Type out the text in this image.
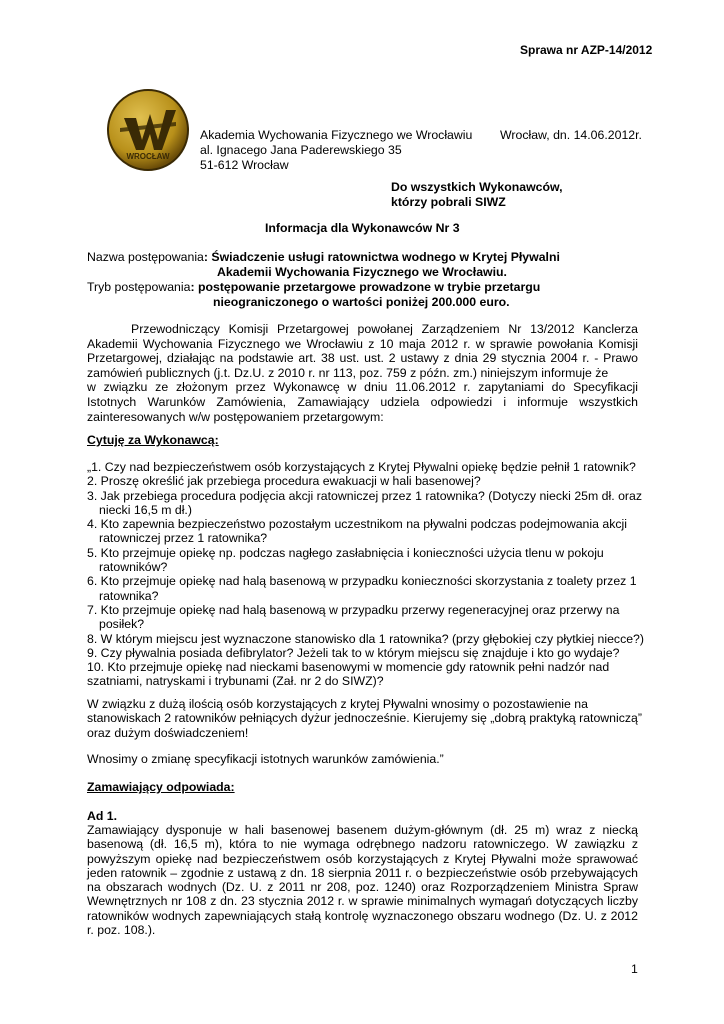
Sprawa nr AZP-14/2012
WROCŁAW
Akademia Wychowania Fizycznego we Wrocławiu
al. Ignacego Jana Paderewskiego 35
51-612 Wrocław
Wrocław, dn. 14.06.2012r.
Do wszystkich Wykonawców,
którzy pobrali SIWZ
Informacja dla Wykonawców Nr 3
Nazwa postępowania: Świadczenie usługi ratownictwa wodnego w Krytej Pływalni
Akademii Wychowania Fizycznego we Wrocławiu.
Tryb postępowania: postępowanie przetargowe prowadzone w trybie przetargu
nieograniczonego o wartości poniżej 200.000 euro.

Przewodniczący Komisji Przetargowej powołanej Zarządzeniem Nr 13/2012 Kanclerza Akademii Wychowania Fizycznego we Wrocławiu z 10 maja 2012 r. w sprawie powołania Komisji Przetargowej, działając na podstawie art. 38 ust. ust. 2 ustawy z dnia 29 stycznia 2004 r. - Prawo zamówień publicznych (j.t. Dz.U. z 2010 r. nr 113, poz. 759 z późn. zm.) niniejszym informuje że

w związku ze złożonym przez Wykonawcę w dniu 11.06.2012 r. zapytaniami do Specyfikacji Istotnych Warunków Zamówienia, Zamawiający udziela odpowiedzi i informuje wszystkich zainteresowanych w/w postępowaniem przetargowym:

Cytuję za Wykonawcą:
„1. Czy nad bezpieczeństwem osób korzystających z Krytej Pływalni opiekę będzie pełnił 1 ratownik?
2. Proszę określić jak przebiega procedura ewakuacji w hali basenowej?
3. Jak przebiega procedura podjęcia akcji ratowniczej przez 1 ratownika? (Dotyczy niecki 25m dł. oraz niecki 16,5 m dł.)
4. Kto zapewnia bezpieczeństwo pozostałym uczestnikom na pływalni podczas podejmowania akcji ratowniczej przez 1 ratownika?
5. Kto przejmuje opiekę np. podczas nagłego zasłabnięcia i konieczności użycia tlenu w pokoju ratowników?
6. Kto przejmuje opiekę nad halą basenową w przypadku konieczności skorzystania z toalety przez 1 ratownika?
7. Kto przejmuje opiekę nad halą basenową w przypadku przerwy regeneracyjnej oraz przerwy na posiłek?
8. W którym miejscu jest wyznaczone stanowisko dla 1 ratownika? (przy głębokiej czy płytkiej niecce?)
9. Czy pływalnia posiada defibrylator? Jeżeli tak to w którym miejscu się znajduje i kto go wydaje?
10. Kto przejmuje opiekę nad nieckami basenowymi w momencie gdy ratownik pełni nadzór nad szatniami, natryskami i trybunami (Zał. nr 2 do SIWZ)?
W związku z dużą ilością osób korzystających z krytej Pływalni wnosimy o pozostawienie na stanowiskach 2 ratowników pełniących dyżur jednocześnie. Kierujemy się „dobrą praktyką ratowniczą” oraz dużym doświadczeniem!
Wnosimy o zmianę specyfikacji istotnych warunków zamówienia.”
Zamawiający odpowiada:
Ad 1.
Zamawiający dysponuje w hali basenowej basenem dużym-głównym (dł. 25 m) wraz z niecką basenową (dł. 16,5 m), która to nie wymaga odrębnego nadzoru ratowniczego. W zawiązku z powyższym opiekę nad bezpieczeństwem osób korzystających z Krytej Pływalni może sprawować jeden ratownik – zgodnie z ustawą z dn. 18 sierpnia 2011 r. o bezpieczeństwie osób przebywających na obszarach wodnych (Dz. U. z 2011 nr 208, poz. 1240) oraz Rozporządzeniem Ministra Spraw Wewnętrznych nr 108 z dn. 23 stycznia 2012 r. w sprawie minimalnych wymagań dotyczących liczby ratowników wodnych zapewniających stałą kontrolę wyznaczonego obszaru wodnego (Dz. U. z 2012 r. poz. 108.).
1
